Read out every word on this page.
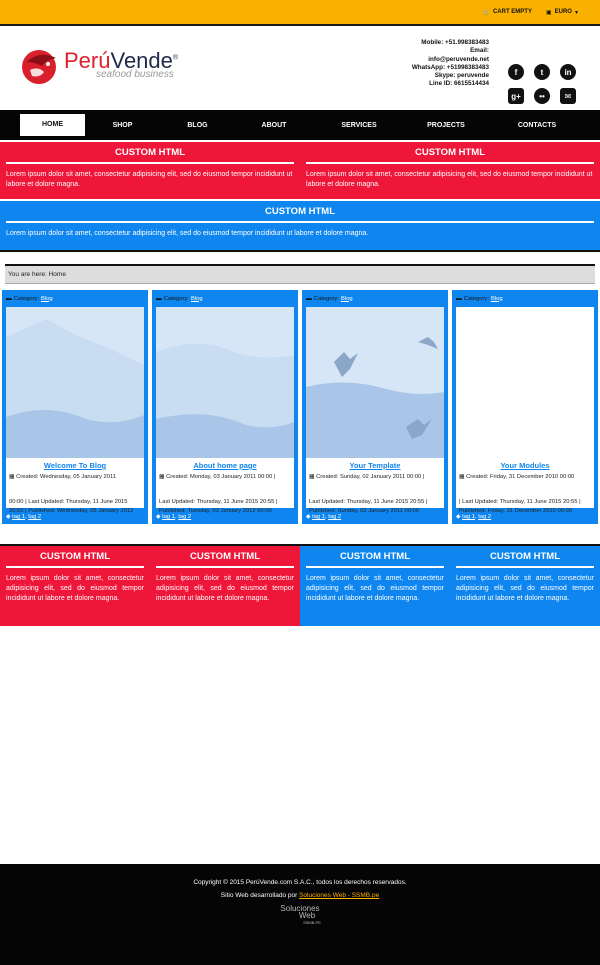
🛒 CART EMPTY ▣ EURO ▾
PerúVende®
seafood business
Mobile: +51.998383483
Email:
info@peruvende.net
WhatsApp: +51998383483
Skype: peruvende
Line ID: 6615514434
f	t	in
g+	••	✉
HOME	SHOP	BLOG	ABOUT	SERVICES	PROJECTS	CONTACTS
CUSTOM HTML

Lorem ipsum dolor sit amet, consectetur adipisicing elit, sed do eiusmod tempor incididunt ut labore et dolore magna.

CUSTOM HTML

Lorem ipsum dolor sit amet, consectetur adipisicing elit, sed do eiusmod tempor incididunt ut labore et dolore magna.

CUSTOM HTML

Lorem ipsum dolor sit amet, consectetur adipisicing elit, sed do eiusmod tempor incididunt ut labore et dolore magna.

You are here: Home
▬ Category: Blog
Welcome To Blog
▦ Created: Wednesday, 05 January 2011
00:00 | Last Updated: Thursday, 11 June 2015 20:55 | Published: Wednesday, 05 January 2012
◆ tag 1, tag 2
▬ Category: Blog
About home page
▦ Created: Monday, 03 January 2011 00:00 |
Last Updated: Thursday, 11 June 2015 20:55 | Published: Tuesday, 03 January 2012 00:00
◆ tag 1, tag 2
▬ Category: Blog
Your Template
▦ Created: Sunday, 02 January 2011 00:00 |
Last Updated: Thursday, 11 June 2015 20:55 | Published: Sunday, 02 January 2011 00:00
◆ tag 1, tag 2
▬ Category: Blog
Your Modules
▦ Created: Friday, 31 December 2010 00:00
| Last Updated: Thursday, 11 June 2015 20:55 | Published: Friday, 31 December 2010 00:00
◆ tag 1, tag 2
CUSTOM HTML

Lorem ipsum dolor sit amet, consectetur adipisicing elit, sed do eiusmod tempor incididunt ut labore et dolore magna.

CUSTOM HTML

Lorem ipsum dolor sit amet, consectetur adipisicing elit, sed do eiusmod tempor incididunt ut labore et dolore magna.

CUSTOM HTML

Lorem ipsum dolor sit amet, consectetur adipisicing elit, sed do eiusmod tempor incididunt ut labore et dolore magna.

CUSTOM HTML

Lorem ipsum dolor sit amet, consectetur adipisicing elit, sed do eiusmod tempor incididunt ut labore et dolore magna.

Copyright © 2015 PerúVende.com S.A.C., todos los derechos reservados.
Sitio Web desarrollado por Soluciones Web - SSMB.pe
Soluciones
Web
SSMB.PE
